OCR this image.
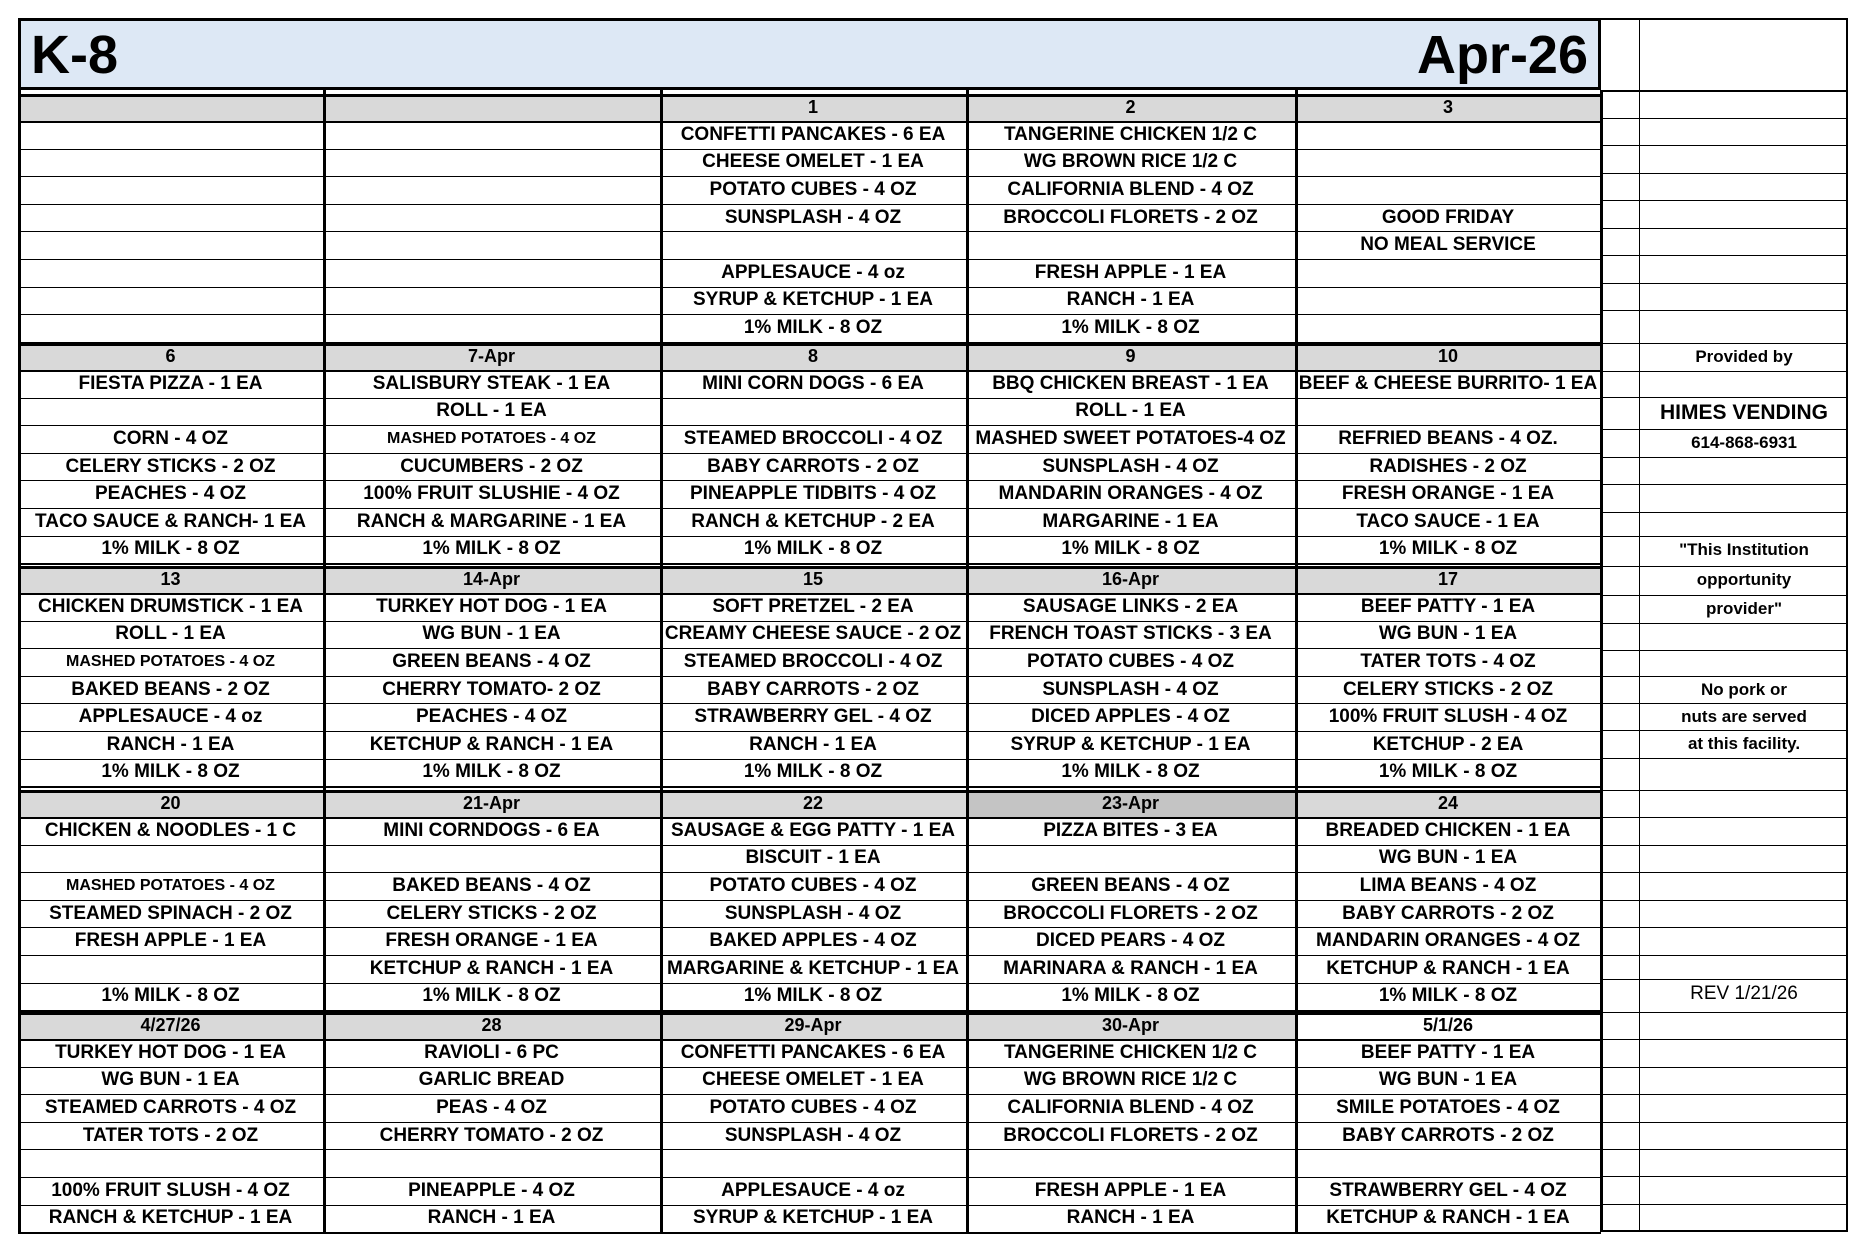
K-8	Apr-26
1
CONFETTI PANCAKES - 6 EA
CHEESE OMELET - 1 EA
POTATO CUBES - 4 OZ
SUNSPLASH - 4 OZ
APPLESAUCE - 4 oz
SYRUP & KETCHUP - 1 EA
1% MILK - 8 OZ
2
TANGERINE CHICKEN 1/2 C
WG BROWN RICE 1/2 C
CALIFORNIA BLEND - 4 OZ
BROCCOLI FLORETS - 2 OZ
FRESH APPLE - 1 EA
RANCH - 1 EA
1% MILK - 8 OZ
3
GOOD FRIDAY
NO MEAL SERVICE
6
FIESTA PIZZA - 1 EA
CORN - 4 OZ
CELERY STICKS - 2 OZ
PEACHES - 4 OZ
TACO SAUCE & RANCH- 1 EA
1% MILK - 8 OZ
7-Apr
SALISBURY STEAK - 1 EA
ROLL - 1 EA
MASHED POTATOES - 4 OZ
CUCUMBERS - 2 OZ
100% FRUIT SLUSHIE - 4 OZ
RANCH & MARGARINE - 1 EA
1% MILK - 8 OZ
8
MINI CORN DOGS - 6 EA
STEAMED BROCCOLI - 4 OZ
BABY CARROTS - 2 OZ
PINEAPPLE TIDBITS - 4 OZ
RANCH & KETCHUP - 2 EA
1% MILK - 8 OZ
9
BBQ CHICKEN BREAST - 1 EA
ROLL - 1 EA
MASHED SWEET POTATOES-4 OZ
SUNSPLASH - 4 OZ
MANDARIN ORANGES - 4 OZ
MARGARINE - 1 EA
1% MILK - 8 OZ
10
BEEF & CHEESE BURRITO- 1 EA
REFRIED BEANS - 4 OZ.
RADISHES - 2 OZ
FRESH ORANGE - 1 EA
TACO SAUCE - 1 EA
1% MILK - 8 OZ
13
CHICKEN DRUMSTICK - 1 EA
ROLL - 1 EA
MASHED POTATOES - 4 OZ
BAKED BEANS - 2 OZ
APPLESAUCE - 4 oz
RANCH - 1 EA
1% MILK - 8 OZ
14-Apr
TURKEY HOT DOG - 1 EA
WG BUN - 1 EA
GREEN BEANS - 4 OZ
CHERRY TOMATO- 2 OZ
PEACHES - 4 OZ
KETCHUP & RANCH - 1 EA
1% MILK - 8 OZ
15
SOFT PRETZEL - 2 EA
CREAMY CHEESE SAUCE - 2 OZ
STEAMED BROCCOLI - 4 OZ
BABY CARROTS - 2 OZ
STRAWBERRY GEL - 4 OZ
RANCH - 1 EA
1% MILK - 8 OZ
16-Apr
SAUSAGE LINKS - 2 EA
FRENCH TOAST STICKS - 3 EA
POTATO CUBES - 4 OZ
SUNSPLASH - 4 OZ
DICED APPLES - 4 OZ
SYRUP & KETCHUP - 1 EA
1% MILK - 8 OZ
17
BEEF PATTY - 1 EA
WG BUN - 1 EA
TATER TOTS - 4 OZ
CELERY STICKS - 2 OZ
100% FRUIT SLUSH - 4 OZ
KETCHUP - 2 EA
1% MILK - 8 OZ
20
CHICKEN & NOODLES - 1 C
MASHED POTATOES - 4 OZ
STEAMED SPINACH - 2 OZ
FRESH APPLE - 1 EA
1% MILK - 8 OZ
21-Apr
MINI CORNDOGS - 6 EA
BAKED BEANS - 4 OZ
CELERY STICKS - 2 OZ
FRESH ORANGE - 1 EA
KETCHUP & RANCH - 1 EA
1% MILK - 8 OZ
22
SAUSAGE & EGG PATTY - 1 EA
BISCUIT - 1 EA
POTATO CUBES - 4 OZ
SUNSPLASH - 4 OZ
BAKED APPLES - 4 OZ
MARGARINE & KETCHUP - 1 EA
1% MILK - 8 OZ
23-Apr
PIZZA BITES - 3 EA
GREEN BEANS - 4 OZ
BROCCOLI FLORETS - 2 OZ
DICED PEARS - 4 OZ
MARINARA & RANCH - 1 EA
1% MILK - 8 OZ
24
BREADED CHICKEN - 1 EA
WG BUN - 1 EA
LIMA BEANS - 4 OZ
BABY CARROTS - 2 OZ
MANDARIN ORANGES - 4 OZ
KETCHUP & RANCH - 1 EA
1% MILK - 8 OZ
4/27/26
TURKEY HOT DOG - 1 EA
WG BUN - 1 EA
STEAMED CARROTS - 4 OZ
TATER TOTS - 2 OZ
100% FRUIT SLUSH - 4 OZ
RANCH & KETCHUP - 1 EA
28
RAVIOLI - 6 PC
GARLIC BREAD
PEAS - 4 OZ
CHERRY TOMATO - 2 OZ
PINEAPPLE - 4 OZ
RANCH - 1 EA
29-Apr
CONFETTI PANCAKES - 6 EA
CHEESE OMELET - 1 EA
POTATO CUBES - 4 OZ
SUNSPLASH - 4 OZ
APPLESAUCE - 4 oz
SYRUP & KETCHUP - 1 EA
30-Apr
TANGERINE CHICKEN 1/2 C
WG BROWN RICE 1/2 C
CALIFORNIA BLEND - 4 OZ
BROCCOLI FLORETS - 2 OZ
FRESH APPLE - 1 EA
RANCH - 1 EA
5/1/26
BEEF PATTY - 1 EA
WG BUN - 1 EA
SMILE POTATOES - 4 OZ
BABY CARROTS - 2 OZ
STRAWBERRY GEL - 4 OZ
KETCHUP & RANCH - 1 EA
Provided by
HIMES VENDING
614-868-6931
"This Institution
opportunity
provider"
No pork or
nuts are served
at this facility.
REV 1/21/26
